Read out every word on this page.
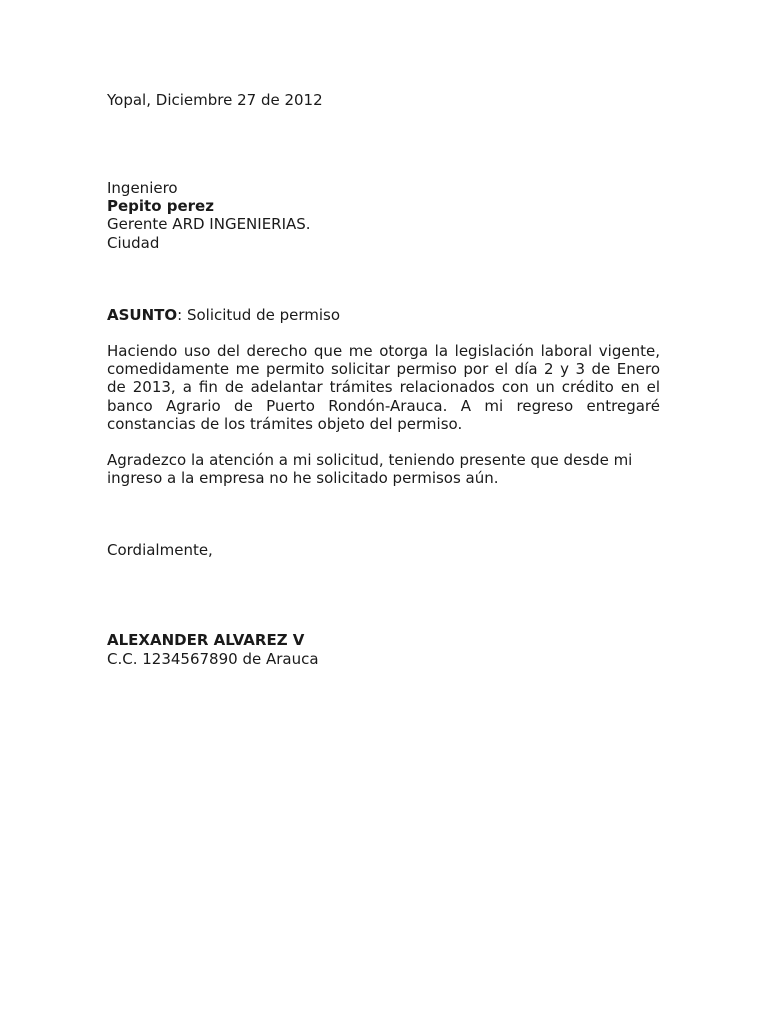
Yopal, Diciembre 27 de 2012
Ingeniero
Pepito perez
Gerente ARD INGENIERIAS.
Ciudad
ASUNTO: Solicitud de permiso
Haciendo uso del derecho que me otorga la legislación laboral vigente,
comedidamente me permito solicitar permiso por el día 2 y 3 de Enero
de 2013, a fin de adelantar trámites relacionados con un crédito en el
banco Agrario de Puerto Rondón-Arauca. A mi regreso entregaré
constancias de los trámites objeto del permiso.
Agradezco la atención a mi solicitud, teniendo presente que desde mi
ingreso a la empresa no he solicitado permisos aún.
Cordialmente,
ALEXANDER ALVAREZ V
C.C. 1234567890 de Arauca
